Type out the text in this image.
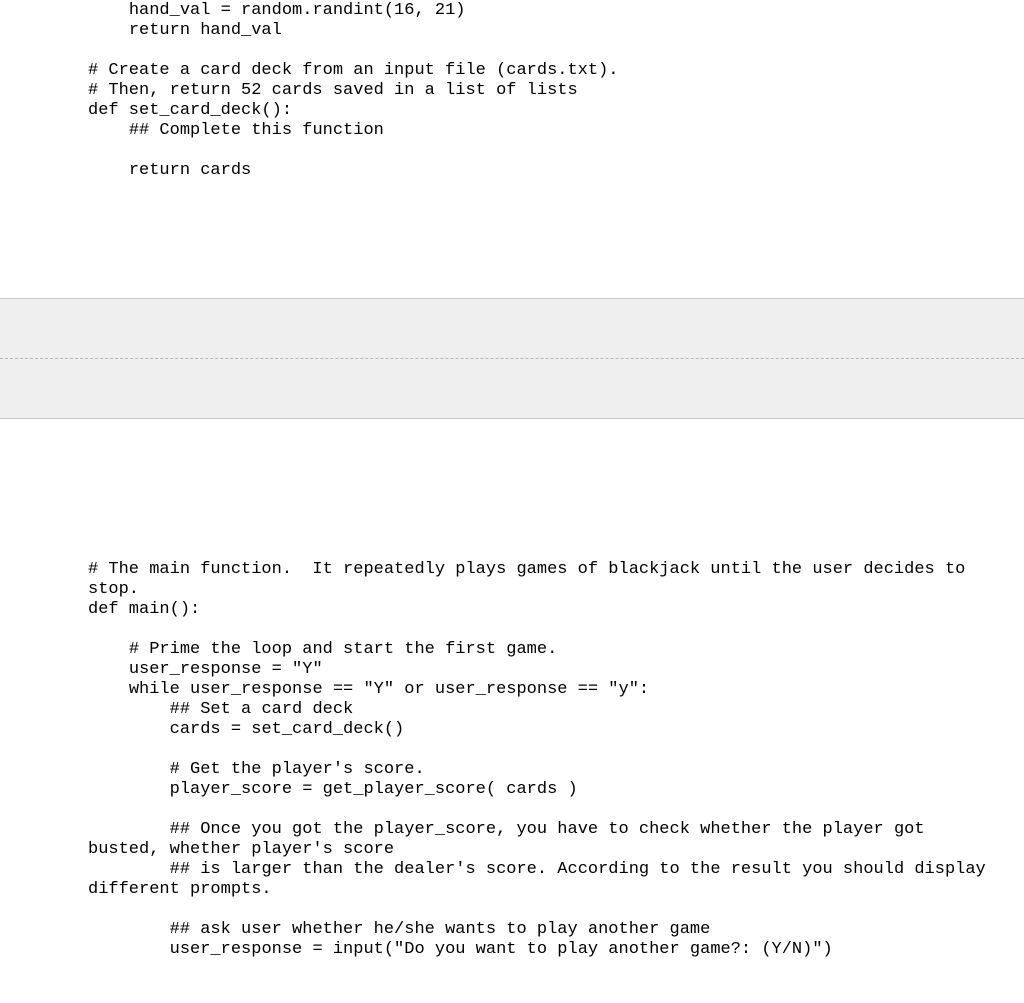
hand_val = random.randint(16, 21)
return hand_val
# Create a card deck from an input file (cards.txt).
# Then, return 52 cards saved in a list of lists
def set_card_deck():
## Complete this function
return cards
# The main function.  It repeatedly plays games of blackjack until the user decides to stop.
def main():
# Prime the loop and start the first game.
user_response = "Y"
while user_response == "Y" or user_response == "y":
## Set a card deck
cards = set_card_deck()
# Get the player's score.
player_score = get_player_score( cards )
## Once you got the player_score, you have to check whether the player got busted, whether player's score
## is larger than the dealer's score. According to the result you should display different prompts.
## ask user whether he/she wants to play another game
user_response = input("Do you want to play another game?: (Y/N)")
